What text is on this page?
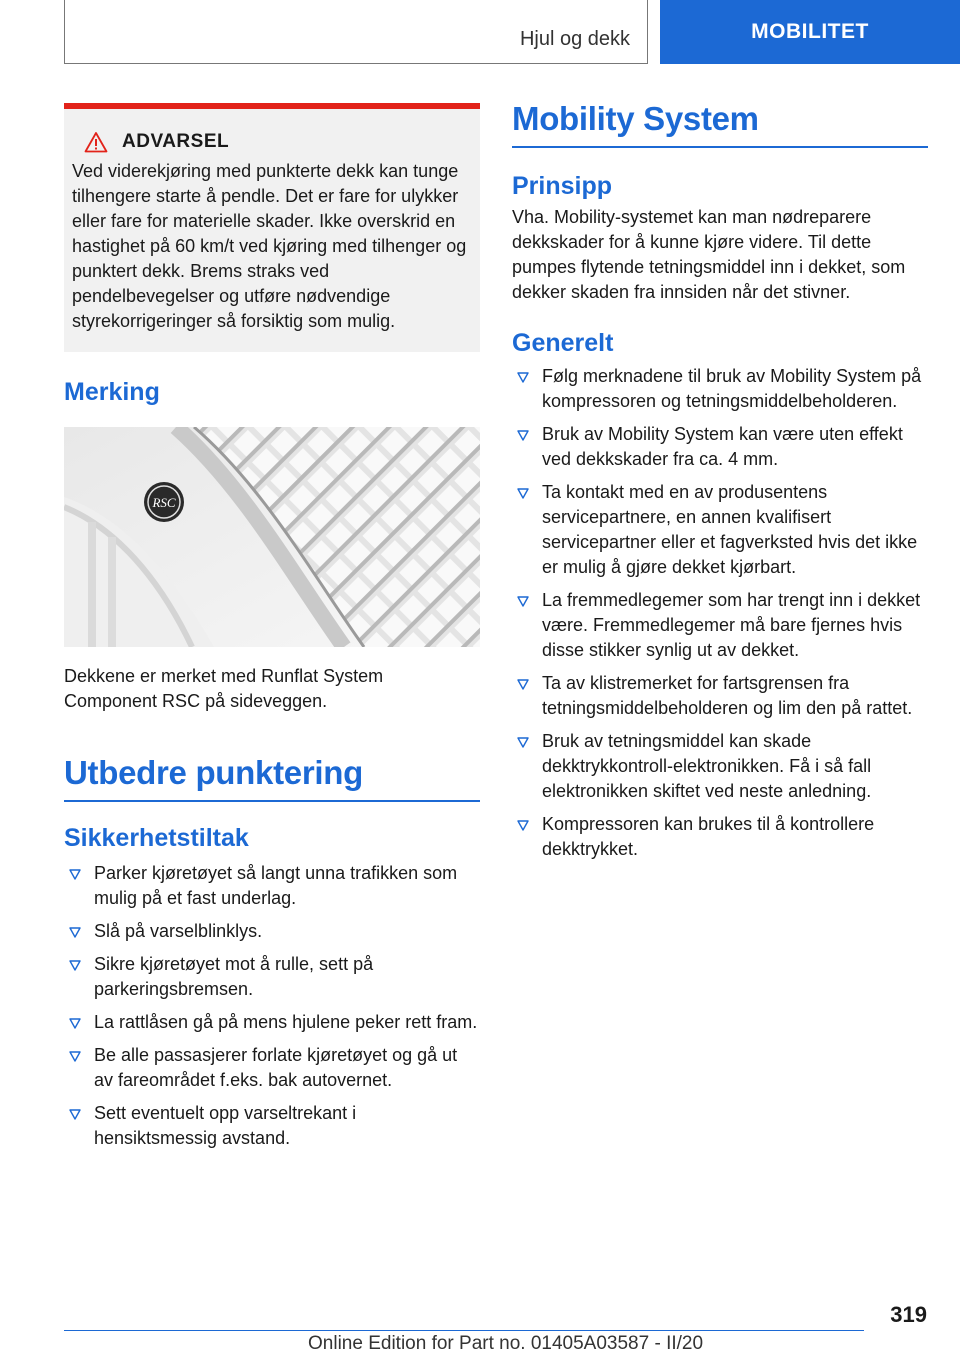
Hjul og dekk	MOBILITET
ADVARSEL
Ved viderekjøring med punkterte dekk kan tunge tilhengere starte å pendle. Det er fare for ulykker eller fare for materielle skader. Ikke overskrid en hastighet på 60 km/t ved kjøring med tilhenger og punktert dekk. Brems straks ved pendelbevegelser og utføre nødvendige styrekorrigeringer så forsiktig som mulig.
Merking
RSC

Dekkene er merket med Runflat System Component RSC på sideveggen.

Utbedre punktering
Sikkerhetstiltak
Parker kjøretøyet så langt unna trafikken som mulig på et fast underlag.
Slå på varselblinklys.
Sikre kjøretøyet mot å rulle, sett på parkeringsbremsen.
La rattlåsen gå på mens hjulene peker rett fram.
Be alle passasjerer forlate kjøretøyet og gå ut av fareområdet f.eks. bak autovernet.
Sett eventuelt opp varseltrekant i hensiktsmessig avstand.
Mobility System
Prinsipp

Vha. Mobility-systemet kan man nødreparere dekkskader for å kunne kjøre videre. Til dette pumpes flytende tetningsmiddel inn i dekket, som dekker skaden fra innsiden når det stivner.

Generelt
Følg merknadene til bruk av Mobility System på kompressoren og tetningsmiddelbeholderen.
Bruk av Mobility System kan være uten effekt ved dekkskader fra ca. 4 mm.
Ta kontakt med en av produsentens servicepartnere, en annen kvalifisert servicepartner eller et fagverksted hvis det ikke er mulig å gjøre dekket kjørbart.
La fremmedlegemer som har trengt inn i dekket være. Fremmedlegemer må bare fjernes hvis disse stikker synlig ut av dekket.
Ta av klistremerket for fartsgrensen fra tetningsmiddelbeholderen og lim den på rattet.
Bruk av tetningsmiddel kan skade dekktrykkontroll-elektronikken. Få i så fall elektronikken skiftet ved neste anledning.
Kompressoren kan brukes til å kontrollere dekktrykket.
319
Online Edition for Part no. 01405A03587 - II/20
